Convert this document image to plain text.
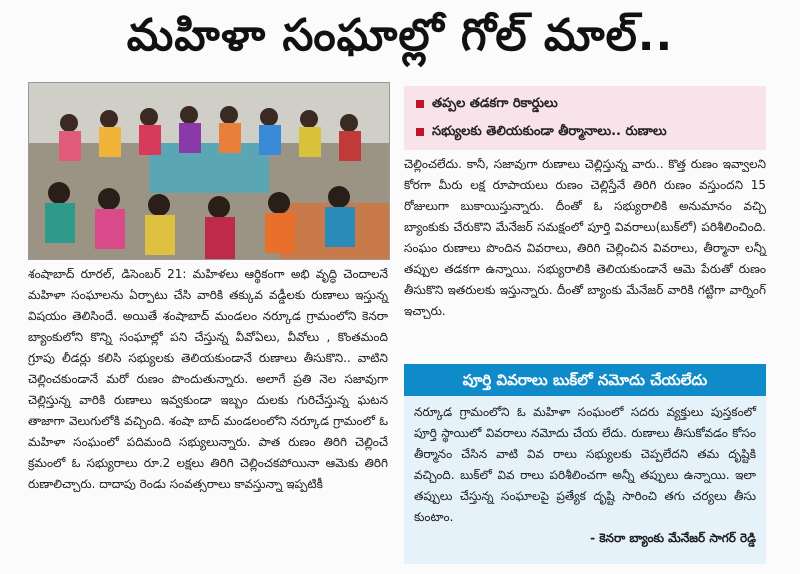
మహిళా సంఘాల్లో గోల్ మాల్..
తప్పల తడకగా రికార్డులు
సభ్యులకు తెలియకుండా తీర్మానాలు.. రుణాలు

శంషాబాద్ రూరల్, డిసెంబర్ 21: మహిళలు ఆర్థికంగా అభి వృద్ధి చెందాలనే మహిళా సంఘాలను ఏర్పాటు చేసి వారికి తక్కువ వడ్డీలకు రుణాలు ఇస్తున్న విషయం తెలిసిందే. అయితే శంషాబాద్ మండలం నర్కూడ గ్రామంలోని కెనరా బ్యాంకులోని కొన్ని సంఘాల్లో పని చేస్తున్న వీవోఏలు, వీవోలు , కొంతమంది గ్రూపు లీడర్లు కలిసి సభ్యులకు తెలియకుండానే రుణాలు తీసుకొని.. వాటిని చెల్లించకుండానే మరో రుణం పొందుతున్నారు. అలాగే ప్రతి నెల సజావుగా చెల్లిస్తున్న వారికి రుణాలు ఇవ్వకుండా ఇబ్బం దులకు గురిచేస్తున్న ఘటన తాజాగా వెలుగులోకి వచ్చింది. శంషా బాద్ మండలంలోని నర్కూడ గ్రామంలో ఓ మహిళా సంఘంలో పదిమంది సభ్యులున్నారు. పాత రుణం తిరిగి చెల్లించే క్రమంలో ఓ సభ్యురాలు రూ.2 లక్షలు తిరిగి చెల్లించకపోయినా ఆమెకు తిరిగి రుణాలిచ్చారు. దాదాపు రెండు సంవత్సరాలు కావస్తున్నా ఇప్పటికీ

చెల్లించలేదు. కానీ, సజావుగా రుణాలు చెల్లిస్తున్న వారు.. కొత్త రుణం ఇవ్వాలని కోరగా మీరు లక్ష రూపాయలు రుణం చెల్లిస్తేనే తిరిగి రుణం వస్తుందని 15 రోజులుగా బుకాయిస్తున్నారు. దీంతో ఓ సభ్యురాలికి అనుమానం వచ్చి బ్యాంకుకు చేరుకొని మేనేజర్ సమక్షంలో పూర్తి వివరాలు(బుక్‌లో) పరిశీలించింది. సంఘం రుణాలు పొందిన వివరాలు, తిరిగి చెల్లించిన వివరాలు, తీర్మానా లన్నీ తప్పుల తడకగా ఉన్నాయి. సభ్యురాలికి తెలియకుండానే ఆమె పేరుతో రుణం తీసుకొని ఇతరులకు ఇస్తున్నారు. దీంతో బ్యాంకు మేనేజర్ వారికి గట్టిగా వార్నింగ్ ఇచ్చారు.

పూర్తి వివరాలు బుక్‌లో నమోదు చేయలేదు

నర్కూడ గ్రామంలోని ఓ మహిళా సంఘంలో సదరు వ్యక్తులు పుస్తకంలో పూర్తి స్థాయిలో వివరాలు నమోదు చేయ లేదు. రుణాలు తీసుకోవడం కోసం తీర్మానం చేసిన వాటి వివ రాలు సభ్యులకు చెప్పలేదని తమ దృష్టికి వచ్చింది. బుక్‌లో వివ రాలు పరిశీలించగా అన్నీ తప్పులు ఉన్నాయి. ఇలా తప్పులు చేస్తున్న సంఘాలపై ప్రత్యేక దృష్టి సారించి తగు చర్యలు తీసు కుంటాం.

- కెనరా బ్యాంకు మేనేజర్ సాగర్ రెడ్డి
